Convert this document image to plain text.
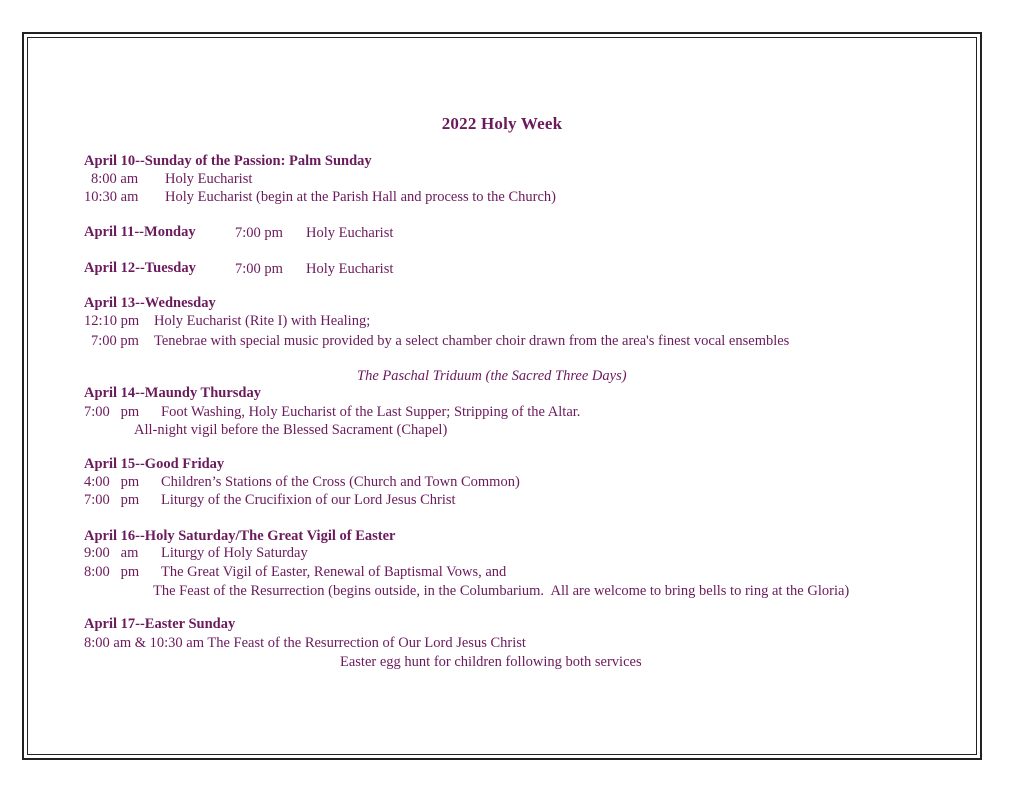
2022 Holy Week
April 10--Sunday of the Passion: Palm Sunday
8:00 am Holy Eucharist
10:30 am Holy Eucharist (begin at the Parish Hall and process to the Church)
April 11--Monday	7:00 pm Holy Eucharist
April 12--Tuesday	7:00 pm Holy Eucharist
April 13--Wednesday
12:10 pm Holy Eucharist (Rite I) with Healing;
7:00 pm Tenebrae with special music provided by a select chamber choir drawn from the area's finest vocal ensembles
The Paschal Triduum (the Sacred Three Days)
April 14--Maundy Thursday
7:00   pm Foot Washing, Holy Eucharist of the Last Supper; Stripping of the Altar.
All-night vigil before the Blessed Sacrament (Chapel)
April 15--Good Friday
4:00   pm Children’s Stations of the Cross (Church and Town Common)
7:00   pm Liturgy of the Crucifixion of our Lord Jesus Christ
April 16--Holy Saturday/The Great Vigil of Easter
9:00   am Liturgy of Holy Saturday
8:00   pm The Great Vigil of Easter, Renewal of Baptismal Vows, and
The Feast of the Resurrection (begins outside, in the Columbarium.  All are welcome to bring bells to ring at the Gloria)
April 17--Easter Sunday
8:00 am & 10:30 am The Feast of the Resurrection of Our Lord Jesus Christ
Easter egg hunt for children following both services
